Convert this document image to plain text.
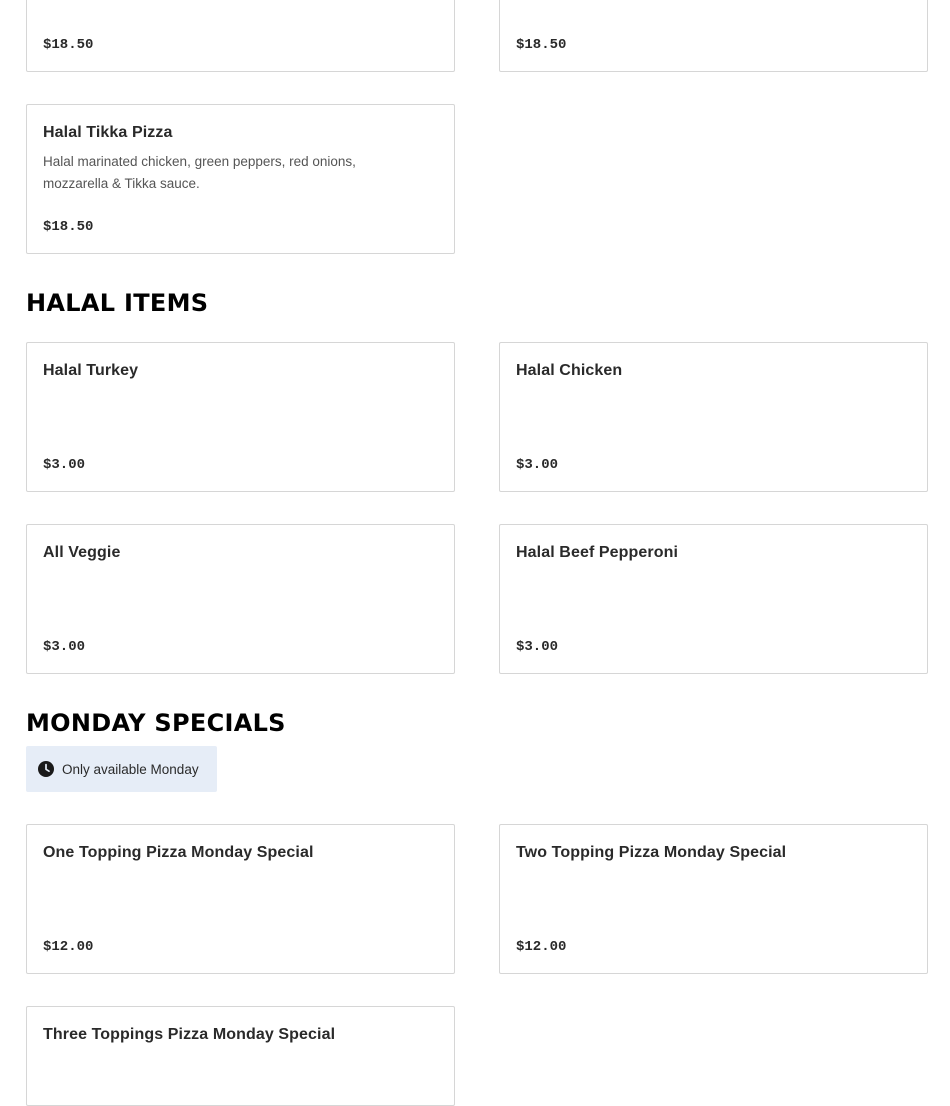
$18.50	$18.50
Halal Tikka Pizza
Halal marinated chicken, green peppers, red onions, mozzarella & Tikka sauce.
$18.50
HALAL ITEMS
Halal Turkey
$3.00
Halal Chicken
$3.00
All Veggie
$3.00
Halal Beef Pepperoni
$3.00
MONDAY SPECIALS
Only available Monday
One Topping Pizza Monday Special
$12.00
Two Topping Pizza Monday Special
$12.00
Three Toppings Pizza Monday Special
